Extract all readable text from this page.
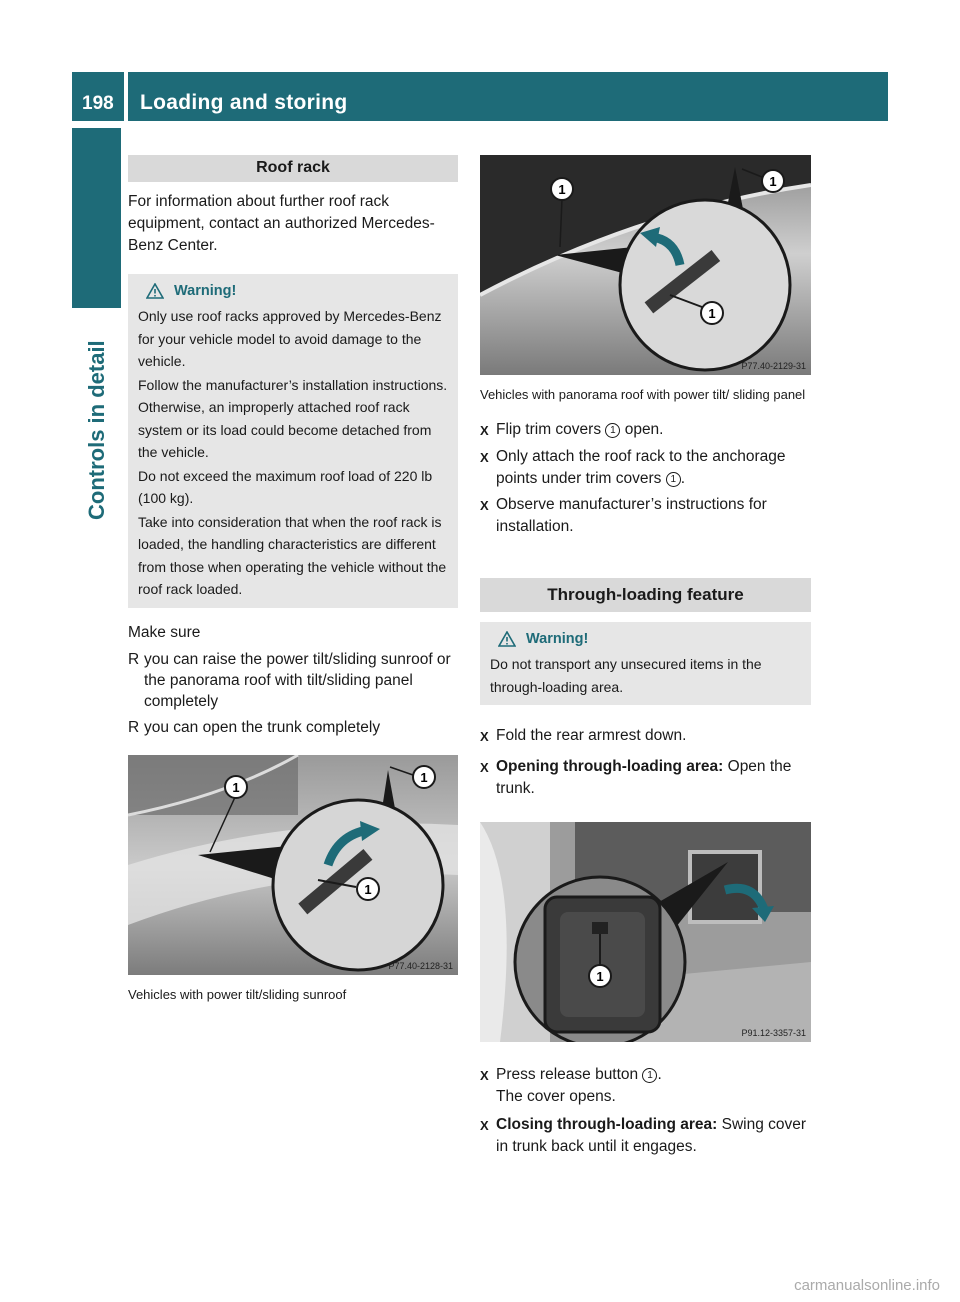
198 Loading and storing
Controls in detail
Roof rack

For information about further roof rack equipment, contact an authorized Mercedes-Benz Center.

Warning!

Only use roof racks approved by Mercedes-Benz for your vehicle model to avoid damage to the vehicle.

Follow the manufacturer’s installation instructions. Otherwise, an improperly attached roof rack system or its load could become detached from the vehicle.

Do not exceed the maximum roof load of 220 lb (100 kg).

Take into consideration that when the roof rack is loaded, the handling characteristics are different from those when operating the vehicle without the roof rack loaded.

Make sure

R you can raise the power tilt/sliding sunroof or the panorama roof with tilt/sliding panel completely
R you can open the trunk completely
1
1
1
P77.40-2128-31
Vehicles with power tilt/sliding sunroof
1
1
1
P77.40-2129-31
Vehicles with panorama roof with power tilt/ sliding panel
X Flip trim covers 1 open.
X Only attach the roof rack to the anchorage points under trim covers 1 .
X Observe manufacturer’s instructions for installation.
Through-loading feature
Warning!

Do not transport any unsecured items in the through-loading area.

X Fold the rear armrest down.
X Opening through-loading area: Open the trunk.
1
P91.12-3357-31
X Press release button 1 .
The cover opens.
X Closing through-loading area: Swing cover in trunk back until it engages.
carmanualsonline.info
